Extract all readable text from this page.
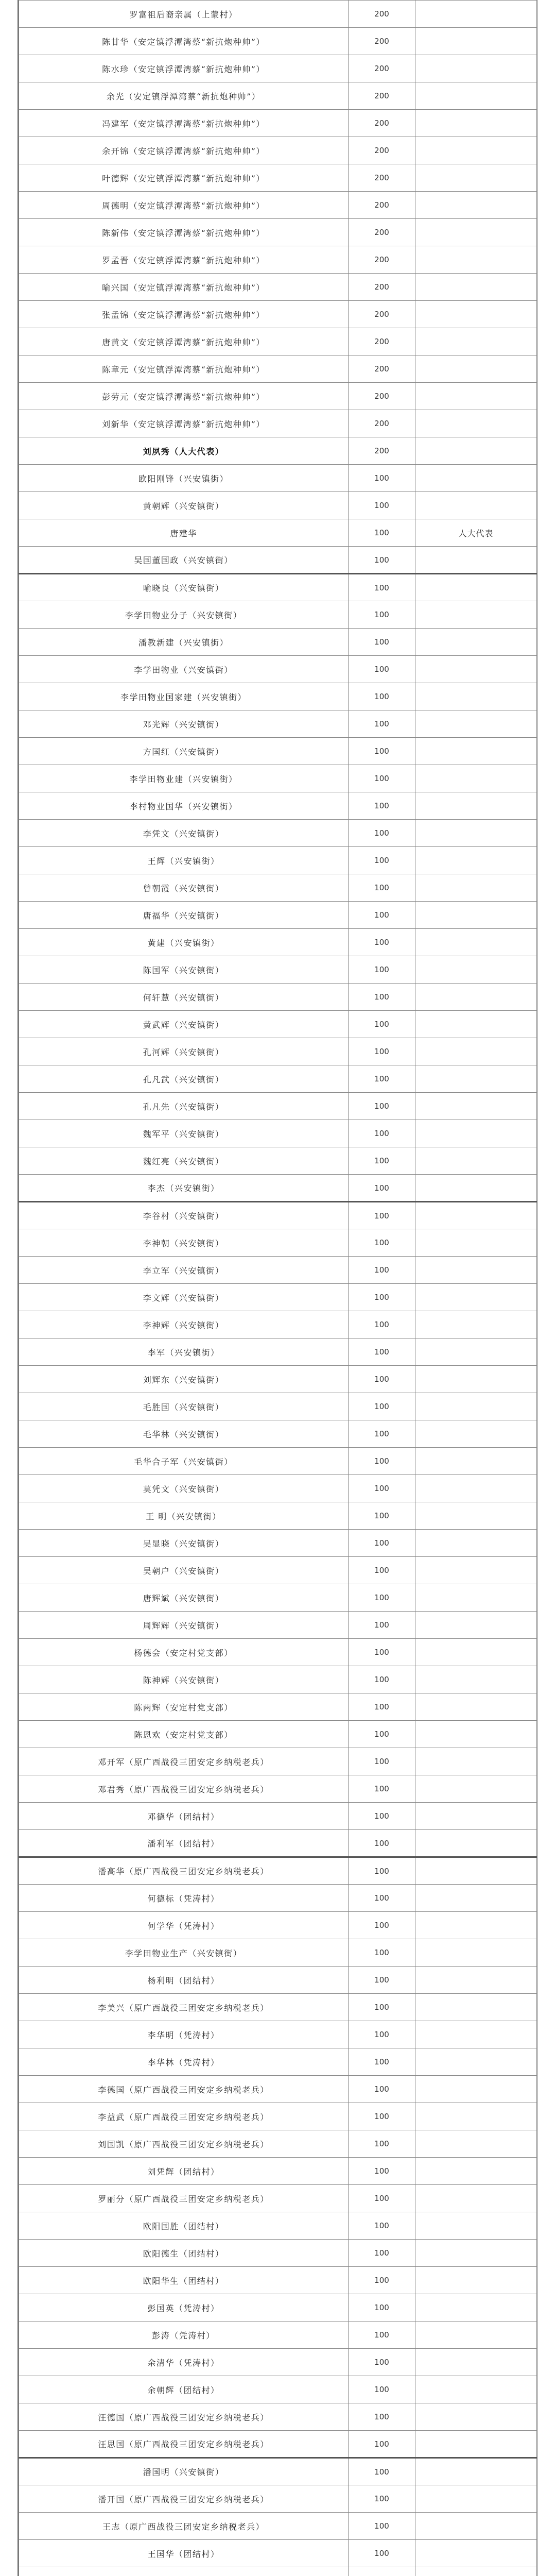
罗富祖后裔亲属（上蒙村）	200	
陈甘华（安定镇浮潭湾蔡“新抗炮种帅”）	200	
陈水珍（安定镇浮潭湾蔡“新抗炮种帅”）	200	
余光（安定镇浮潭湾蔡“新抗炮种帅”）	200	
冯建军（安定镇浮潭湾蔡“新抗炮种帅”）	200	
余开锦（安定镇浮潭湾蔡“新抗炮种帅”）	200	
叶德辉（安定镇浮潭湾蔡“新抗炮种帅”）	200	
周德明（安定镇浮潭湾蔡“新抗炮种帅”）	200	
陈新伟（安定镇浮潭湾蔡“新抗炮种帅”）	200	
罗孟晋（安定镇浮潭湾蔡“新抗炮种帅”）	200	
喻兴国（安定镇浮潭湾蔡“新抗炮种帅”）	200	
张孟锦（安定镇浮潭湾蔡“新抗炮种帅”）	200	
唐黄文（安定镇浮潭湾蔡“新抗炮种帅”）	200	
陈章元（安定镇浮潭湾蔡“新抗炮种帅”）	200	
彭劳元（安定镇浮潭湾蔡“新抗炮种帅”）	200	
刘新华（安定镇浮潭湾蔡“新抗炮种帅”）	200	
刘夙秀（人大代表）	200	
欧阳刚锋（兴安镇街）	100	
黄朝辉（兴安镇街）	100	
唐建华	100	人大代表
吴国董国政（兴安镇街）	100	
喻晓良（兴安镇街）	100	
李学田物业分子（兴安镇街）	100	
潘教新建（兴安镇街）	100	
李学田物业（兴安镇街）	100	
李学田物业国家建（兴安镇街）	100	
邓光辉（兴安镇街）	100	
方国红（兴安镇街）	100	
李学田物业建（兴安镇街）	100	
李村物业国华（兴安镇街）	100	
李凭文（兴安镇街）	100	
王辉（兴安镇街）	100	
曾朝霞（兴安镇街）	100	
唐福华（兴安镇街）	100	
黄建（兴安镇街）	100	
陈国军（兴安镇街）	100	
何轩慧（兴安镇街）	100	
黄武辉（兴安镇街）	100	
孔河辉（兴安镇街）	100	
孔凡武（兴安镇街）	100	
孔凡先（兴安镇街）	100	
魏军平（兴安镇街）	100	
魏红亮（兴安镇街）	100	
李杰（兴安镇街）	100	
李谷村（兴安镇街）	100	
李神朝（兴安镇街）	100	
李立军（兴安镇街）	100	
李文辉（兴安镇街）	100	
李神辉（兴安镇街）	100	
李军（兴安镇街）	100	
刘辉东（兴安镇街）	100	
毛胜国（兴安镇街）	100	
毛华林（兴安镇街）	100	
毛华合子军（兴安镇街）	100	
莫凭文（兴安镇街）	100	
王 明（兴安镇街）	100	
吴显晓（兴安镇街）	100	
吴朝户（兴安镇街）	100	
唐辉斌（兴安镇街）	100	
周辉辉（兴安镇街）	100	
杨德会（安定村党支部）	100	
陈神辉（兴安镇街）	100	
陈两辉（安定村党支部）	100	
陈恩欢（安定村党支部）	100	
邓开军（原广西战役三团安定乡纳税老兵）	100	
邓君秀（原广西战役三团安定乡纳税老兵）	100	
邓德华（团结村）	100	
潘利军（团结村）	100	
潘高华（原广西战役三团安定乡纳税老兵）	100	
何德标（凭涛村）	100	
何学华（凭涛村）	100	
李学田物业生产（兴安镇街）	100	
杨利明（团结村）	100	
李美兴（原广西战役三团安定乡纳税老兵）	100	
李华明（凭涛村）	100	
李华林（凭涛村）	100	
李德国（原广西战役三团安定乡纳税老兵）	100	
李益武（原广西战役三团安定乡纳税老兵）	100	
刘国凯（原广西战役三团安定乡纳税老兵）	100	
刘凭辉（团结村）	100	
罗丽分（原广西战役三团安定乡纳税老兵）	100	
欧阳国胜（团结村）	100	
欧阳德生（团结村）	100	
欧阳华生（团结村）	100	
彭国英（凭涛村）	100	
彭涛（凭涛村）	100	
余清华（凭涛村）	100	
余朝辉（团结村）	100	
汪德国（原广西战役三团安定乡纳税老兵）	100	
汪思国（原广西战役三团安定乡纳税老兵）	100	
潘国明（兴安镇街）	100	
潘开国（原广西战役三团安定乡纳税老兵）	100	
王志（原广西战役三团安定乡纳税老兵）	100	
王国华（团结村）	100	
